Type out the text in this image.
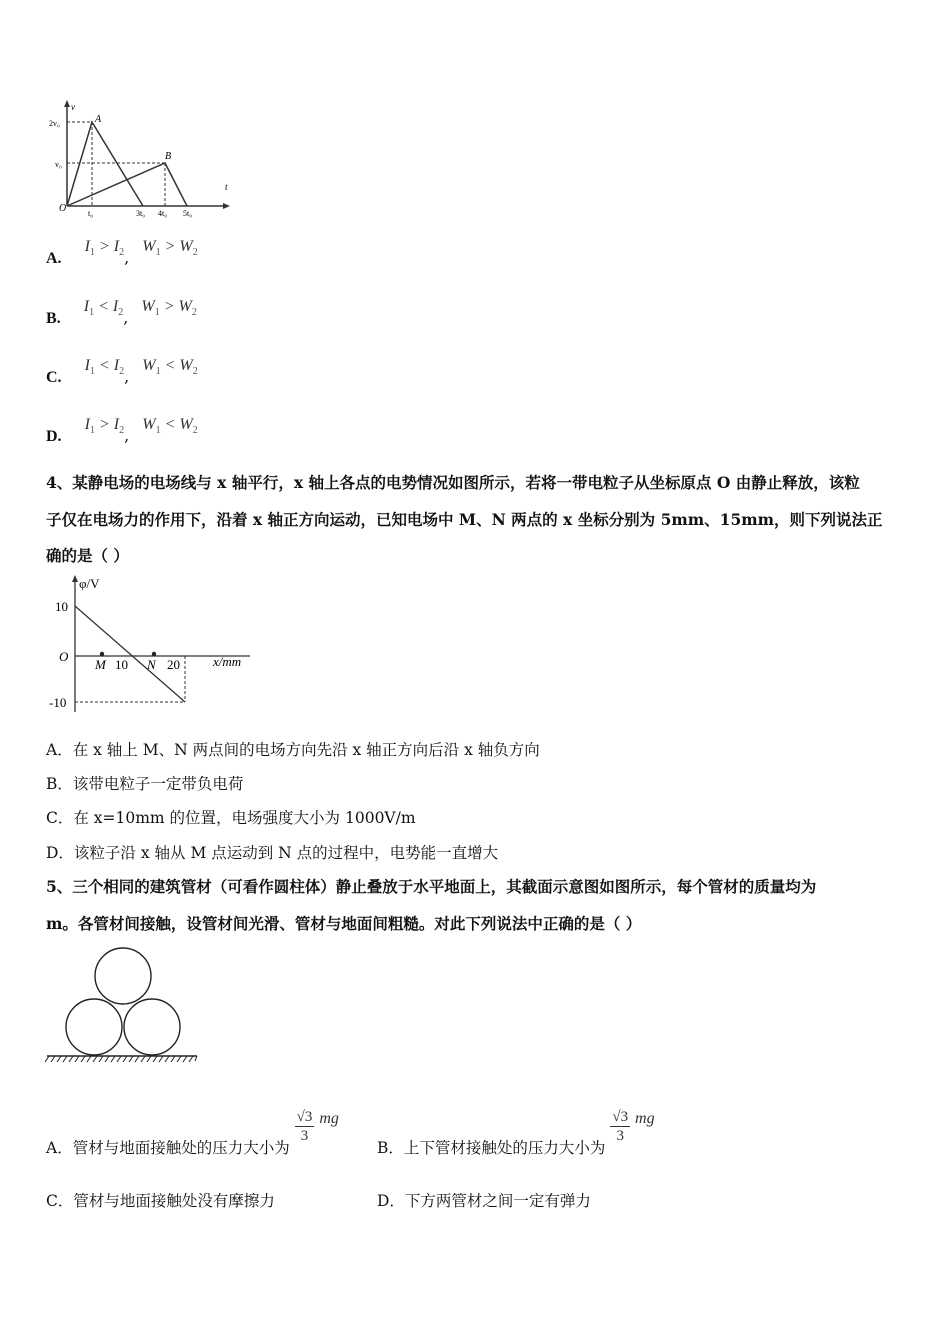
v
t
2v₀
v₀
O	t₀	3t₀ 4t₀ 5t₀
A
B
A. $I_1 > I_2$, $W_1 > W_2$
B. $I_1 < I_2$, $W_1 > W_2$
C. $I_1 < I_2$, $W_1 < W_2$
D. $I_1 > I_2$, $W_1 < W_2$
4、某静电场的电场线与 x 轴平行，x 轴上各点的电势情况如图所示，若将一带电粒子从坐标原点 O 由静止释放，该粒
子仅在电场力的作用下，沿着 x 轴正方向运动，已知电场中 M、N 两点的 x 坐标分别为 5mm、15mm，则下列说法正
确的是（ ）
φ/V
10
O
-10
M 10 N 20	x/mm
A．在 x 轴上 M、N 两点间的电场方向先沿 x 轴正方向后沿 x 轴负方向
B．该带电粒子一定带负电荷
C．在 x=10mm 的位置，电场强度大小为 1000V/m
D．该粒子沿 x 轴从 M 点运动到 N 点的过程中，电势能一直增大
5、三个相同的建筑管材（可看作圆柱体）静止叠放于水平地面上，其截面示意图如图所示，每个管材的质量均为
m。各管材间接触，设管材间光滑、管材与地面间粗糙。对此下列说法中正确的是（ ）
A．管材与地面接触处的压力大小为
$\frac{√3}{3}$ mg
B．上下管材接触处的压力大小为
$\frac{√3}{3}$ mg
C．管材与地面接触处没有摩擦力	D．下方两管材之间一定有弹力
